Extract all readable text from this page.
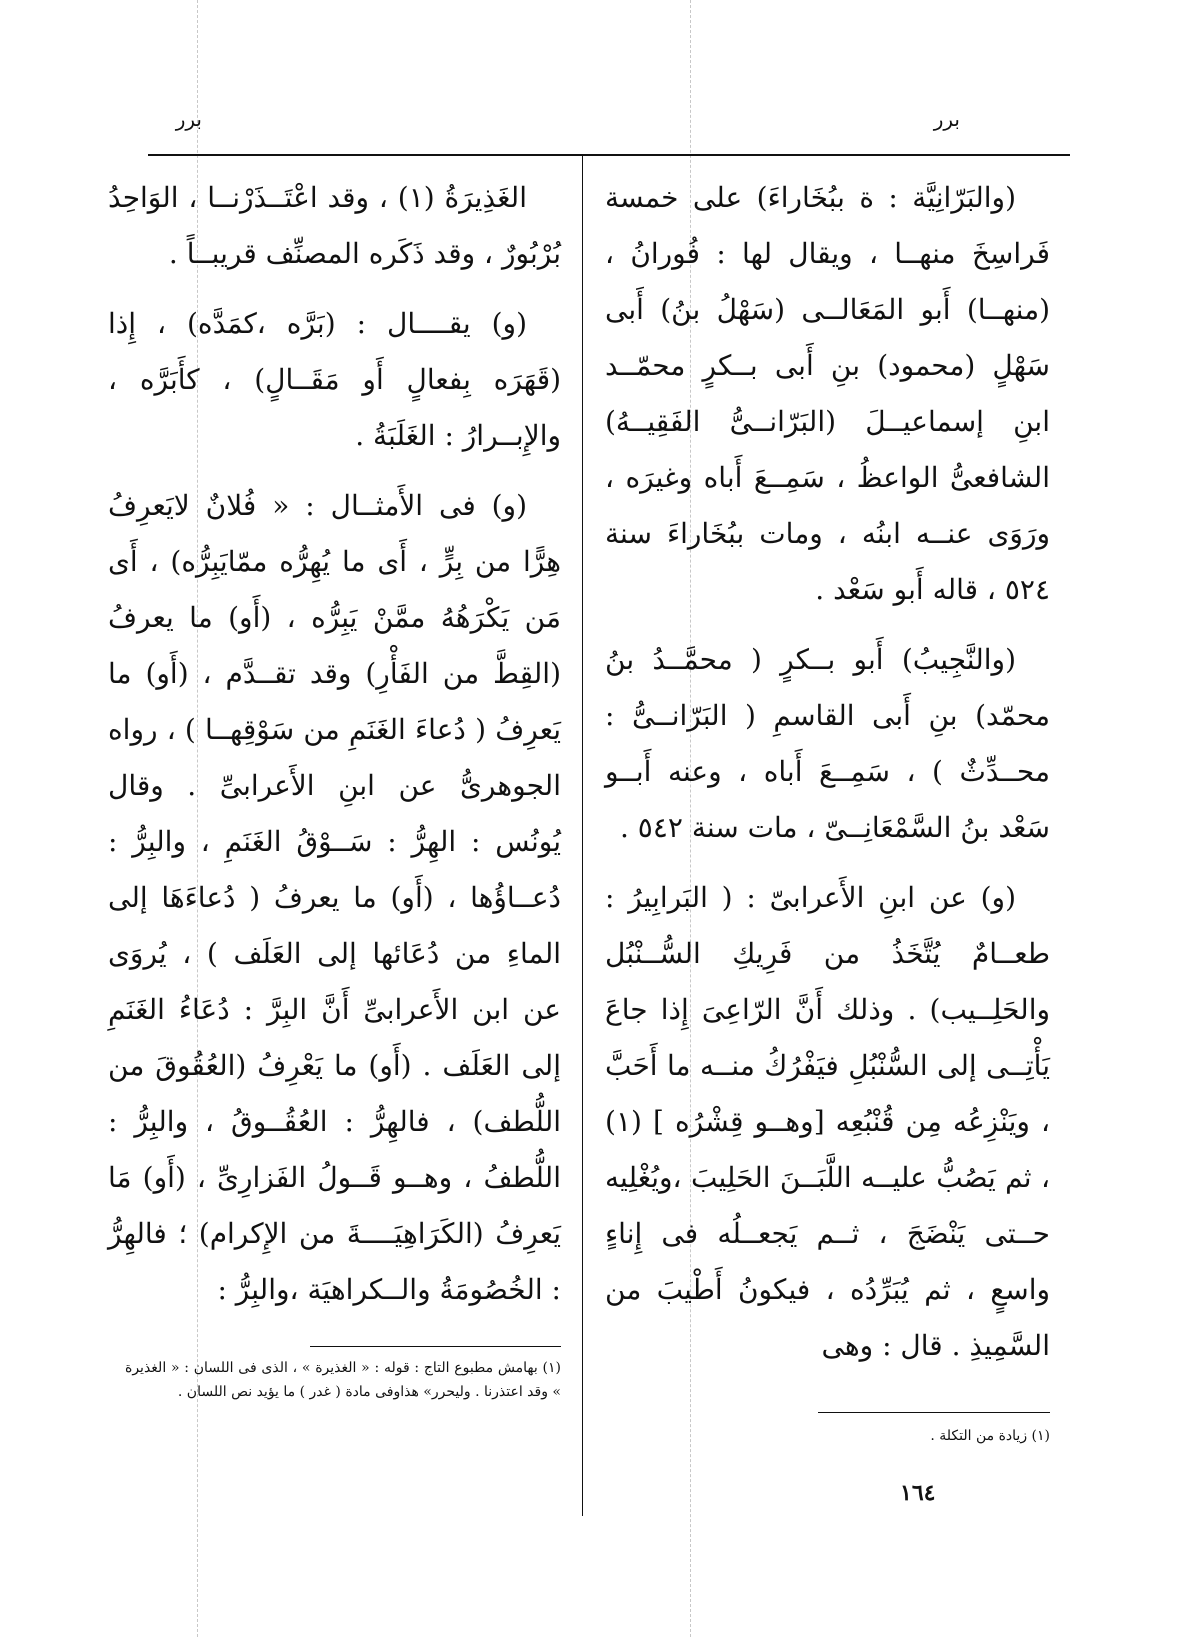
برر
برر

(والبَرّانِيَّة : ة ببُخَاراءَ) على خمسة فَراسِخَ منهــا ، ويقال لها : فُورانُ ، (منهــا) أَبو المَعَالــى (سَهْلُ بنُ) أَبى سَهْلٍ (محمود) بنِ أَبى بــكرٍ محمّــد ابنِ إسماعيــلَ (البَرّانــىُّ الفَقِيــهُ) الشافعىُّ الواعظُ ، سَمِــعَ أَباه وغيرَه ، ورَوَى عنــه ابنُه ، ومات ببُخَاراءَ سنة ٥٢٤ ، قاله أَبو سَعْد .

(والنَّجِيبُ) أَبو بــكرٍ ( محمَّــدُ بنُ محمّد) بنِ أَبى القاسمِ ( البَرّانــىُّ : محــدِّثٌ ) ، سَمِــعَ أَباه ، وعنه أَبــو سَعْد بنُ السَّمْعَانِــىّ ، مات سنة ٥٤٢ .

(و) عن ابنِ الأَعرابىّ : ( البَرابِيرُ : طعــامٌ يُتَّخَذُ من فَرِيكِ السُّــنْبُل والحَلِــيب) . وذلك أَنَّ الرّاعِىَ إِذا جاعَ يَأْتِــى إلى السُّنْبُلِ فيَفْرُكُ منــه ما أَحَبَّ ، ويَنْزِعُه مِن قُنْبُعِه [وهــو قِشْرُه ] (١) ، ثم يَصُبُّ عليــه اللَّبَــنَ الحَلِيبَ ،ويُغْلِيه حــتى يَنْضَجَ ، ثــم يَجعــلُه فى إِناءٍ واسعٍ ، ثم يُبَرِّدُه ، فيكونُ أَطْيبَ من السَّمِيذِ . قال : وهى

الغَذِيرَةُ (١) ، وقد اعْتَــذَرْنــا ، الوَاحِدُ بُرْبُورٌ ، وقد ذَكَره المصنِّف قريبــاً .

(و) يقــــال : (بَرَّه ،كمَدَّه) ، إِذا (قَهَرَه بِفعالٍ أَو مَقَــالٍ) ، كأَبَرَّه ، والإِبــرارُ : الغَلَبَةُ .

(و) فى الأَمثــال : « فُلانٌ لايَعرِفُ هِرًّا من بِرٍّ ، أَى ما يُهِرُّه ممّايَبِرُّه) ، أَى مَن يَكْرَهُهُ ممَّنْ يَبِرُّه ، (أَو) ما يعرفُ (القِطَّ من الفَأْرِ) وقد تقــدَّم ، (أَو) ما يَعرِفُ ( دُعاءَ الغَنَمِ من سَوْقِهــا ) ، رواه الجوهرىُّ عن ابنِ الأَعرابىِّ . وقال يُونُس : الهِرُّ : سَــوْقُ الغَنَمِ ، والبِرُّ : دُعــاؤُها ، (أَو) ما يعرفُ ( دُعاءَهَا إلى الماءِ من دُعَائها إلى العَلَف ) ، يُروَى عن ابن الأَعرابىِّ أَنَّ البِرَّ : دُعَاءُ الغَنَمِ إلى العَلَف . (أَو) ما يَعْرِفُ (العُقُوقَ من اللُّطف) ، فالهِرُّ : العُقُــوقُ ، والبِرُّ : اللُّطفُ ، وهــو قَــولُ الفَزارِىِّ ، (أَو) مَا يَعرِفُ (الكَرَاهِيَــــةَ من الإِكرام) ؛ فالهِرُّ : الخُصُومَةُ والــكراهيَة ،والبِرُّ :

(١) بهامش مطبوع التاج : قوله : « الغذيرة » ، الذى فى اللسان : « الغذيرة » وقد اعتذرنا . وليحرر» هذاوفى مادة ( غدر ) ما يؤيد نص اللسان .
(١) زيادة من التكلة .
١٦٤
